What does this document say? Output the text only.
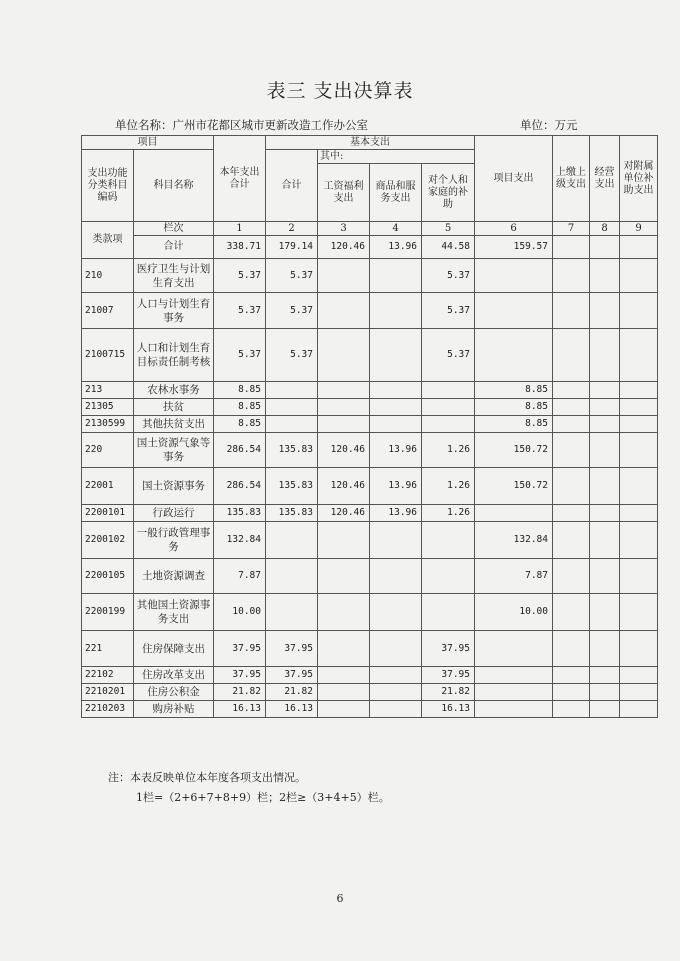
表三 支出决算表
单位名称：广州市花都区城市更新改造工作办公室	单位：万元
项目		本年支出合计	基本支出				项目支出	上缴上级支出	经营支出	对附属单位补助支出
支出功能分类科目编码	科目名称		合计	其中:						
				工资福利支出	商品和服务支出	对个人和家庭的补助				
类款项	栏次	1	2	3	4	5	6	7	8	9
	合计	338.71	179.14	120.46	13.96	44.58	159.57			
210	医疗卫生与计划生育支出	5.37	5.37			5.37				
21007	人口与计划生育事务	5.37	5.37			5.37				
2100715	人口和计划生育目标责任制考核	5.37	5.37			5.37				
213	农林水事务	8.85					8.85			
21305	扶贫	8.85					8.85			
2130599	其他扶贫支出	8.85					8.85			
220	国土资源气象等事务	286.54	135.83	120.46	13.96	1.26	150.72			
22001	国土资源事务	286.54	135.83	120.46	13.96	1.26	150.72			
2200101	行政运行	135.83	135.83	120.46	13.96	1.26				
2200102	一般行政管理事务	132.84					132.84			
2200105	土地资源调查	7.87					7.87			
2200199	其他国土资源事务支出	10.00					10.00			
221	住房保障支出	37.95	37.95			37.95				
22102	住房改革支出	37.95	37.95			37.95				
2210201	住房公积金	21.82	21.82			21.82				
2210203	购房补贴	16.13	16.13			16.13				
注：本表反映单位本年度各项支出情况。
1栏=（2+6+7+8+9）栏；2栏≥（3+4+5）栏。
6
